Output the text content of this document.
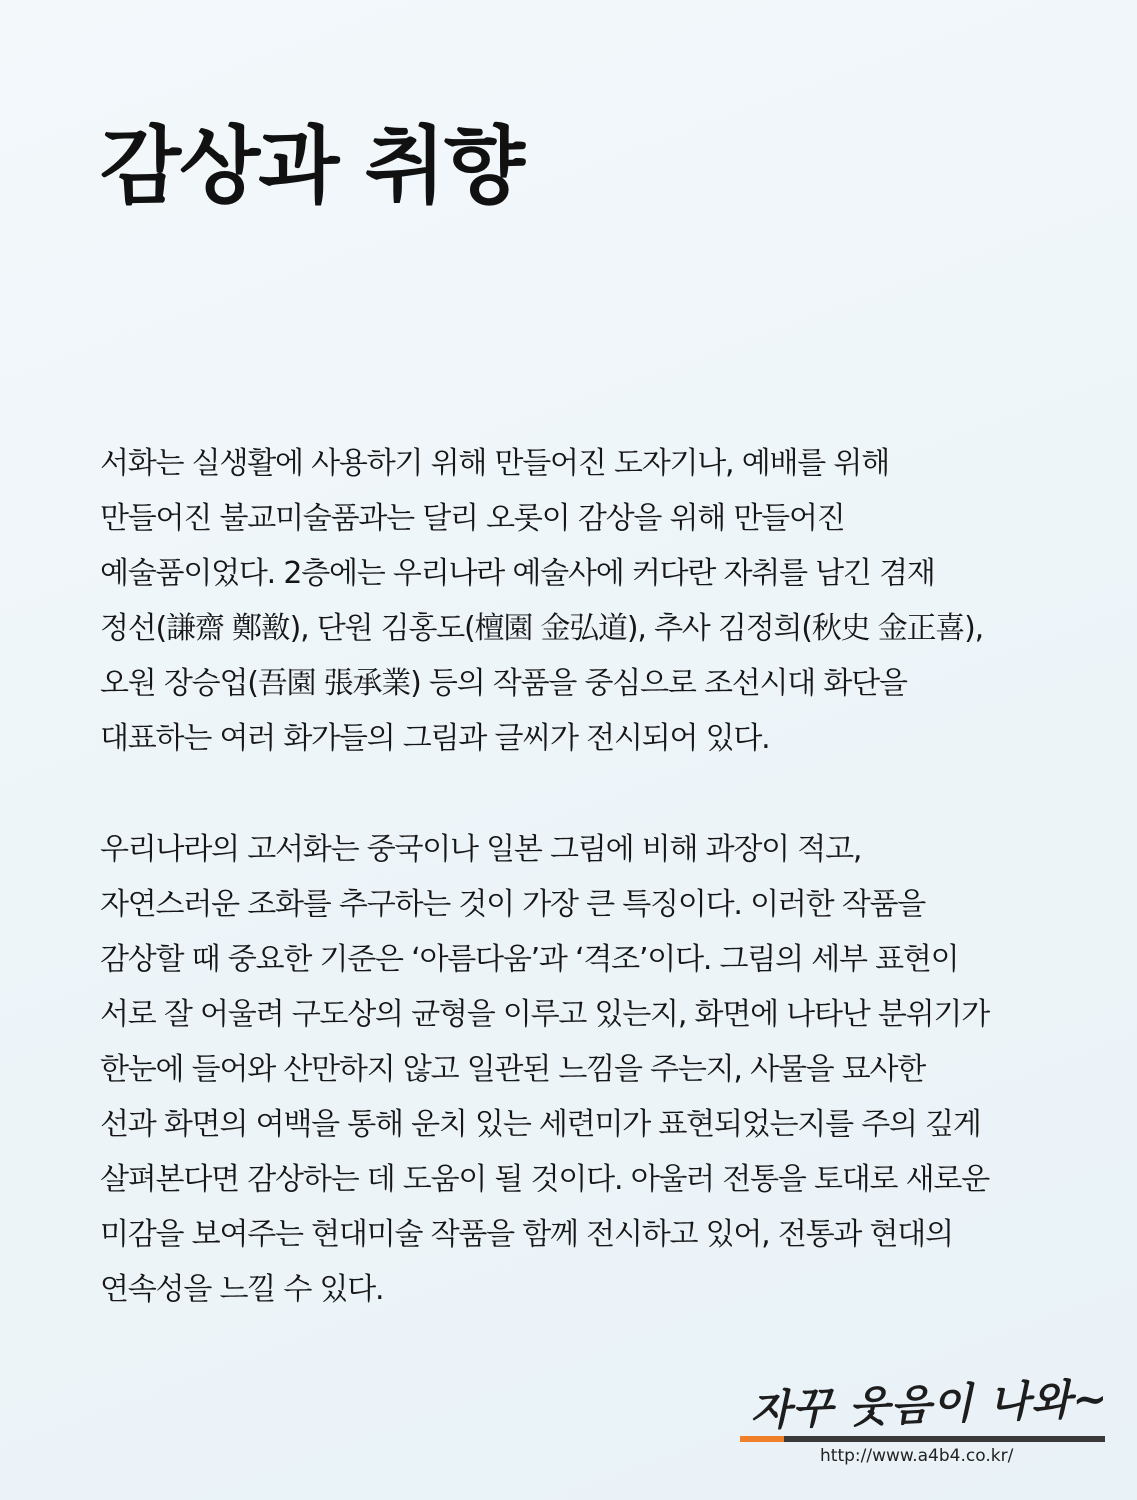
감상과 취향
서화는 실생활에 사용하기 위해 만들어진 도자기나, 예배를 위해
만들어진 불교미술품과는 달리 오롯이 감상을 위해 만들어진
예술품이었다. 2층에는 우리나라 예술사에 커다란 자취를 남긴 겸재
정선(謙齋 鄭敾), 단원 김홍도(檀園 金弘道), 추사 김정희(秋史 金正喜),
오원 장승업(吾園 張承業) 등의 작품을 중심으로 조선시대 화단을
대표하는 여러 화가들의 그림과 글씨가 전시되어 있다.
우리나라의 고서화는 중국이나 일본 그림에 비해 과장이 적고,
자연스러운 조화를 추구하는 것이 가장 큰 특징이다. 이러한 작품을
감상할 때 중요한 기준은 ‘아름다움’과 ‘격조’이다. 그림의 세부 표현이
서로 잘 어울려 구도상의 균형을 이루고 있는지, 화면에 나타난 분위기가
한눈에 들어와 산만하지 않고 일관된 느낌을 주는지, 사물을 묘사한
선과 화면의 여백을 통해 운치 있는 세련미가 표현되었는지를 주의 깊게
살펴본다면 감상하는 데 도움이 될 것이다. 아울러 전통을 토대로 새로운
미감을 보여주는 현대미술 작품을 함께 전시하고 있어, 전통과 현대의
연속성을 느낄 수 있다.
자꾸 웃음이 나와~
http://www.a4b4.co.kr/
